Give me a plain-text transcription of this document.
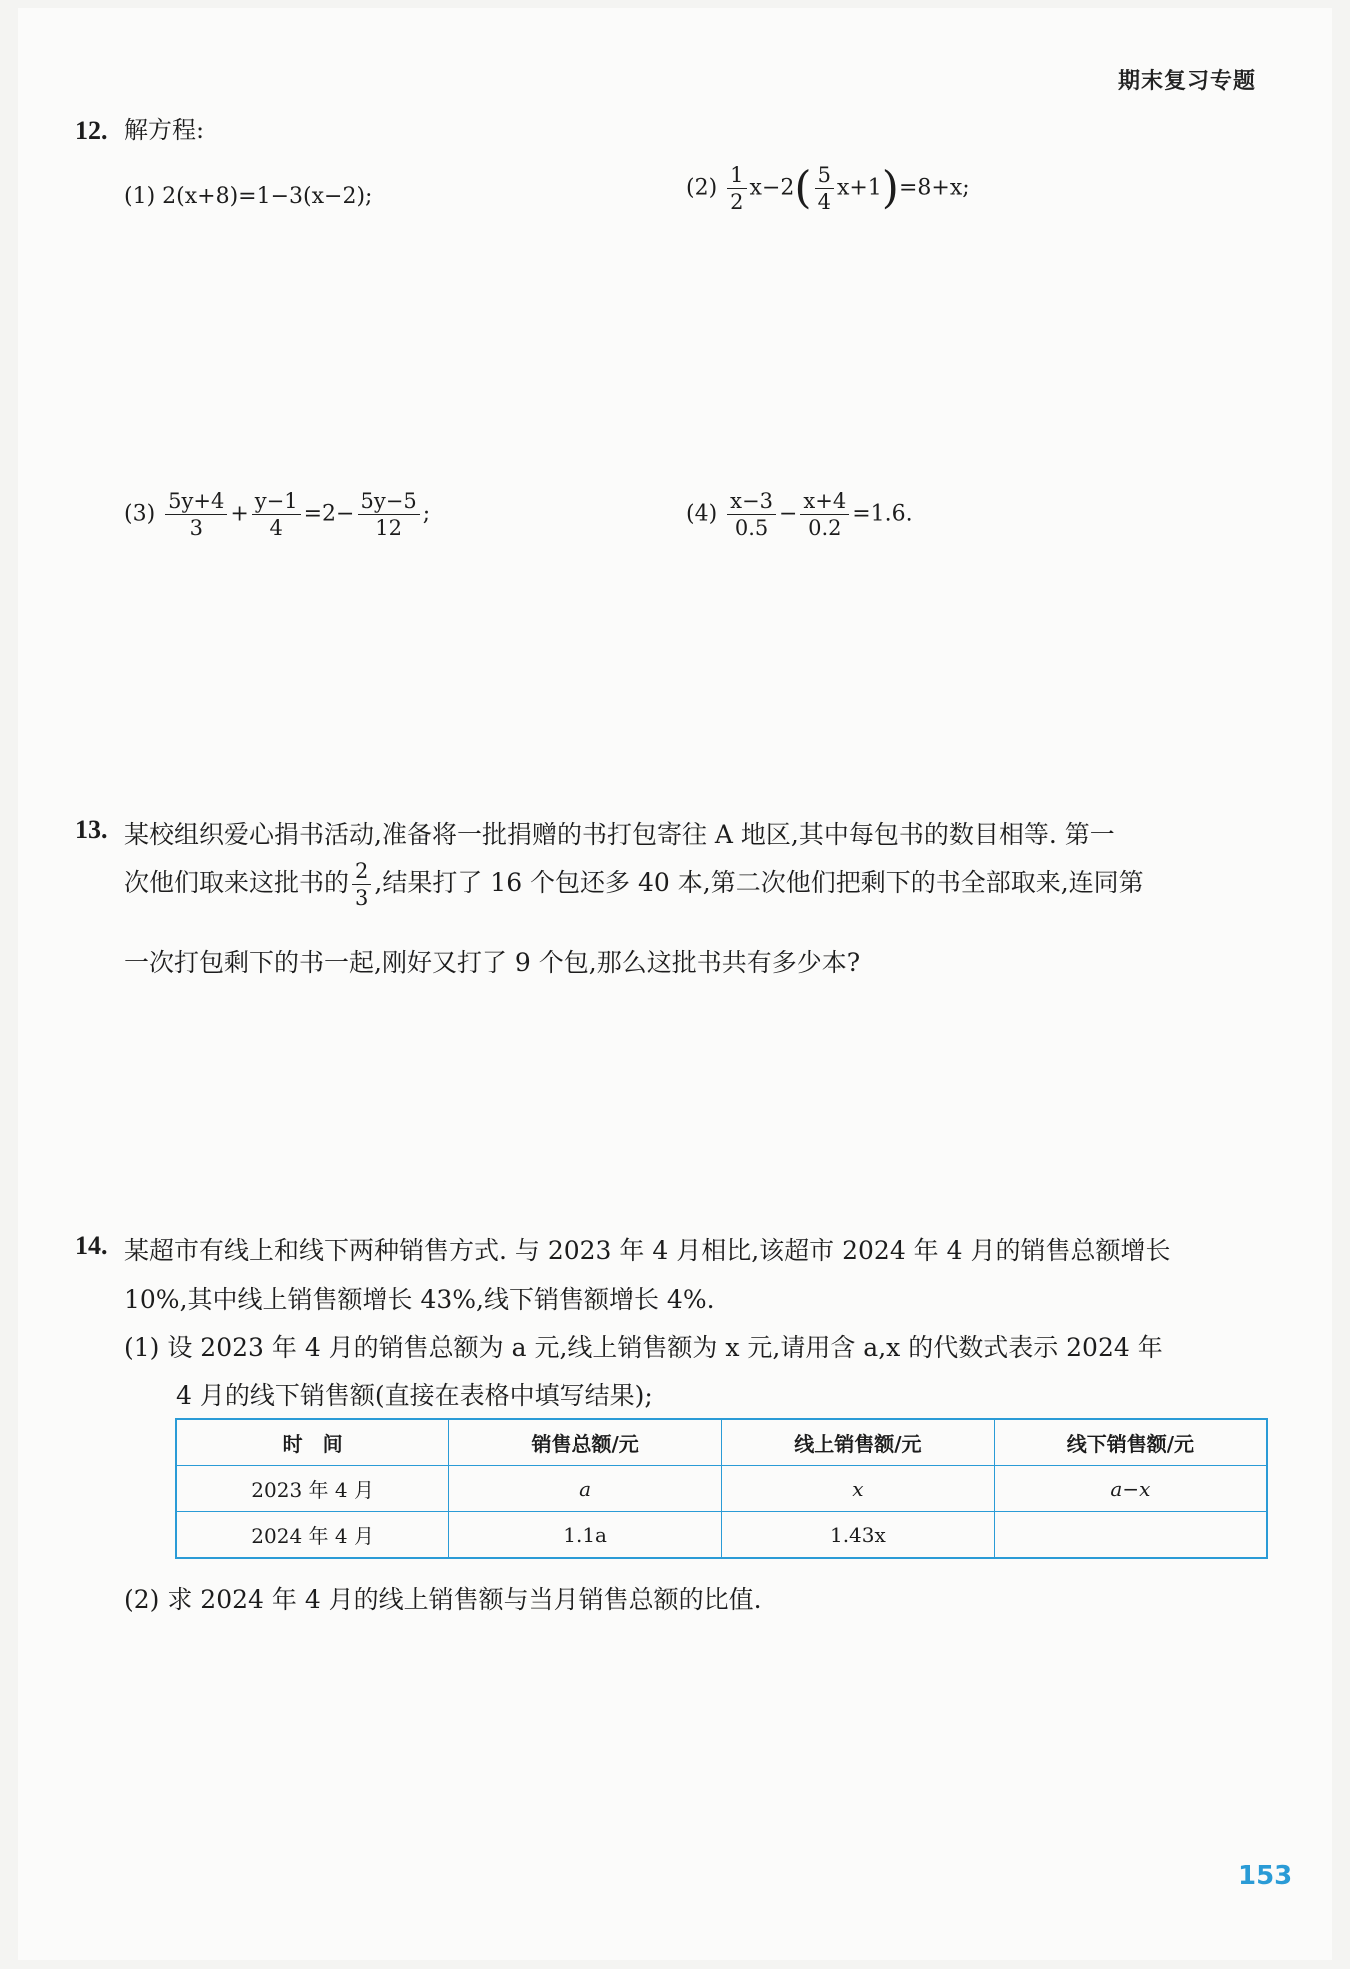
期末复习专题
12. 解方程:
(1) 2(x+8)=1−3(x−2);	$(2) \frac{1}{2} x-2( \frac{5}{4} x+1)=8+x$;
$(3) \frac{5y+4}{3} + \frac{y-1}{4} =2- \frac{5y-5}{12}$ ;	$(4) \frac{x-3}{0.5} - \frac{x+4}{0.2} =1.6$.
13. 某校组织爱心捐书活动,准备将一批捐赠的书打包寄往 A 地区,其中每包书的数目相等. 第一
次他们取来这批书的 $\frac{2}{3}$ ,结果打了 16 个包还多 40 本,第二次他们把剩下的书全部取来,连同第
一次打包剩下的书一起,刚好又打了 9 个包,那么这批书共有多少本?
14. 某超市有线上和线下两种销售方式. 与 2023 年 4 月相比,该超市 2024 年 4 月的销售总额增长
10%,其中线上销售额增长 43%,线下销售额增长 4%.
(1) 设 2023 年 4 月的销售总额为 a 元,线上销售额为 x 元,请用含 a,x 的代数式表示 2024 年
4 月的线下销售额(直接在表格中填写结果);
时　间	销售总额/元	线上销售额/元	线下销售额/元
2023 年 4 月	a	x	a−x
2024 年 4 月	1.1a	1.43x	
(2) 求 2024 年 4 月的线上销售额与当月销售总额的比值.
153
